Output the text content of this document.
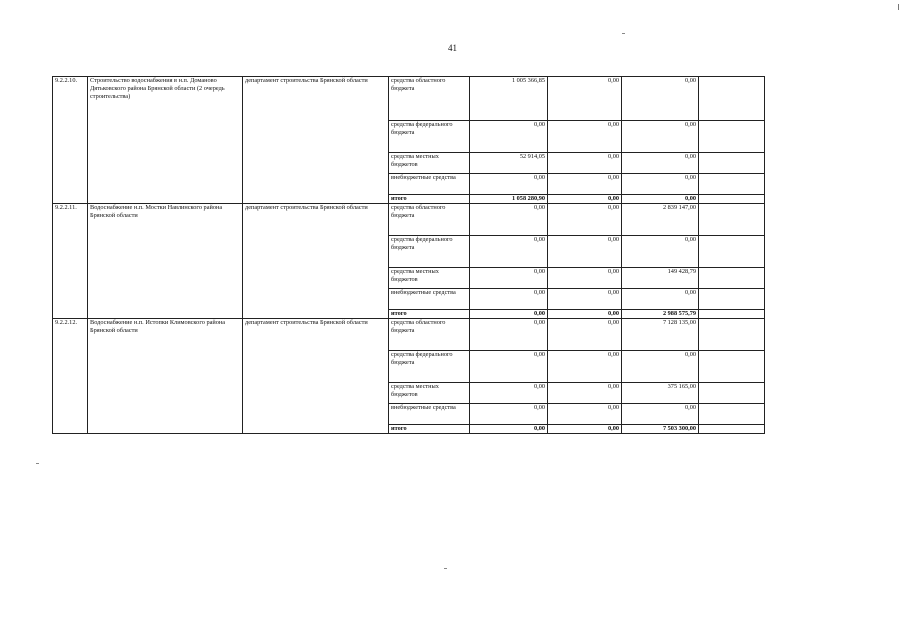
41
9.2.2.10.	Строительство водоснабжения в н.п. Доманово Дятьковского района Брянской области (2 очередь строительства)	департамент строительства Брянской области	средства областного бюджета	1 005 366,85	0,00	0,00	
			средства федерального бюджета	0,00	0,00	0,00	
			средства местных бюджетов	52 914,05	0,00	0,00	
			внебюджетные средства	0,00	0,00	0,00	
			итого	1 058 280,90	0,00	0,00	
9.2.2.11.	Водоснабжение н.п. Мостки Навлинского района Брянской области	департамент строительства Брянской области	средства областного бюджета	0,00	0,00	2 839 147,00	
			средства федерального бюджета	0,00	0,00	0,00	
			средства местных бюджетов	0,00	0,00	149 428,79	
			внебюджетные средства	0,00	0,00	0,00	
			итого	0,00	0,00	2 988 575,79	
9.2.2.12.	Водоснабжение н.п. Истопки Климовского района Брянской области	департамент строительства Брянской области	средства областного бюджета	0,00	0,00	7 128 135,00	
			средства федерального бюджета	0,00	0,00	0,00	
			средства местных бюджетов	0,00	0,00	375 165,00	
			внебюджетные средства	0,00	0,00	0,00	
			итого	0,00	0,00	7 503 300,00	
